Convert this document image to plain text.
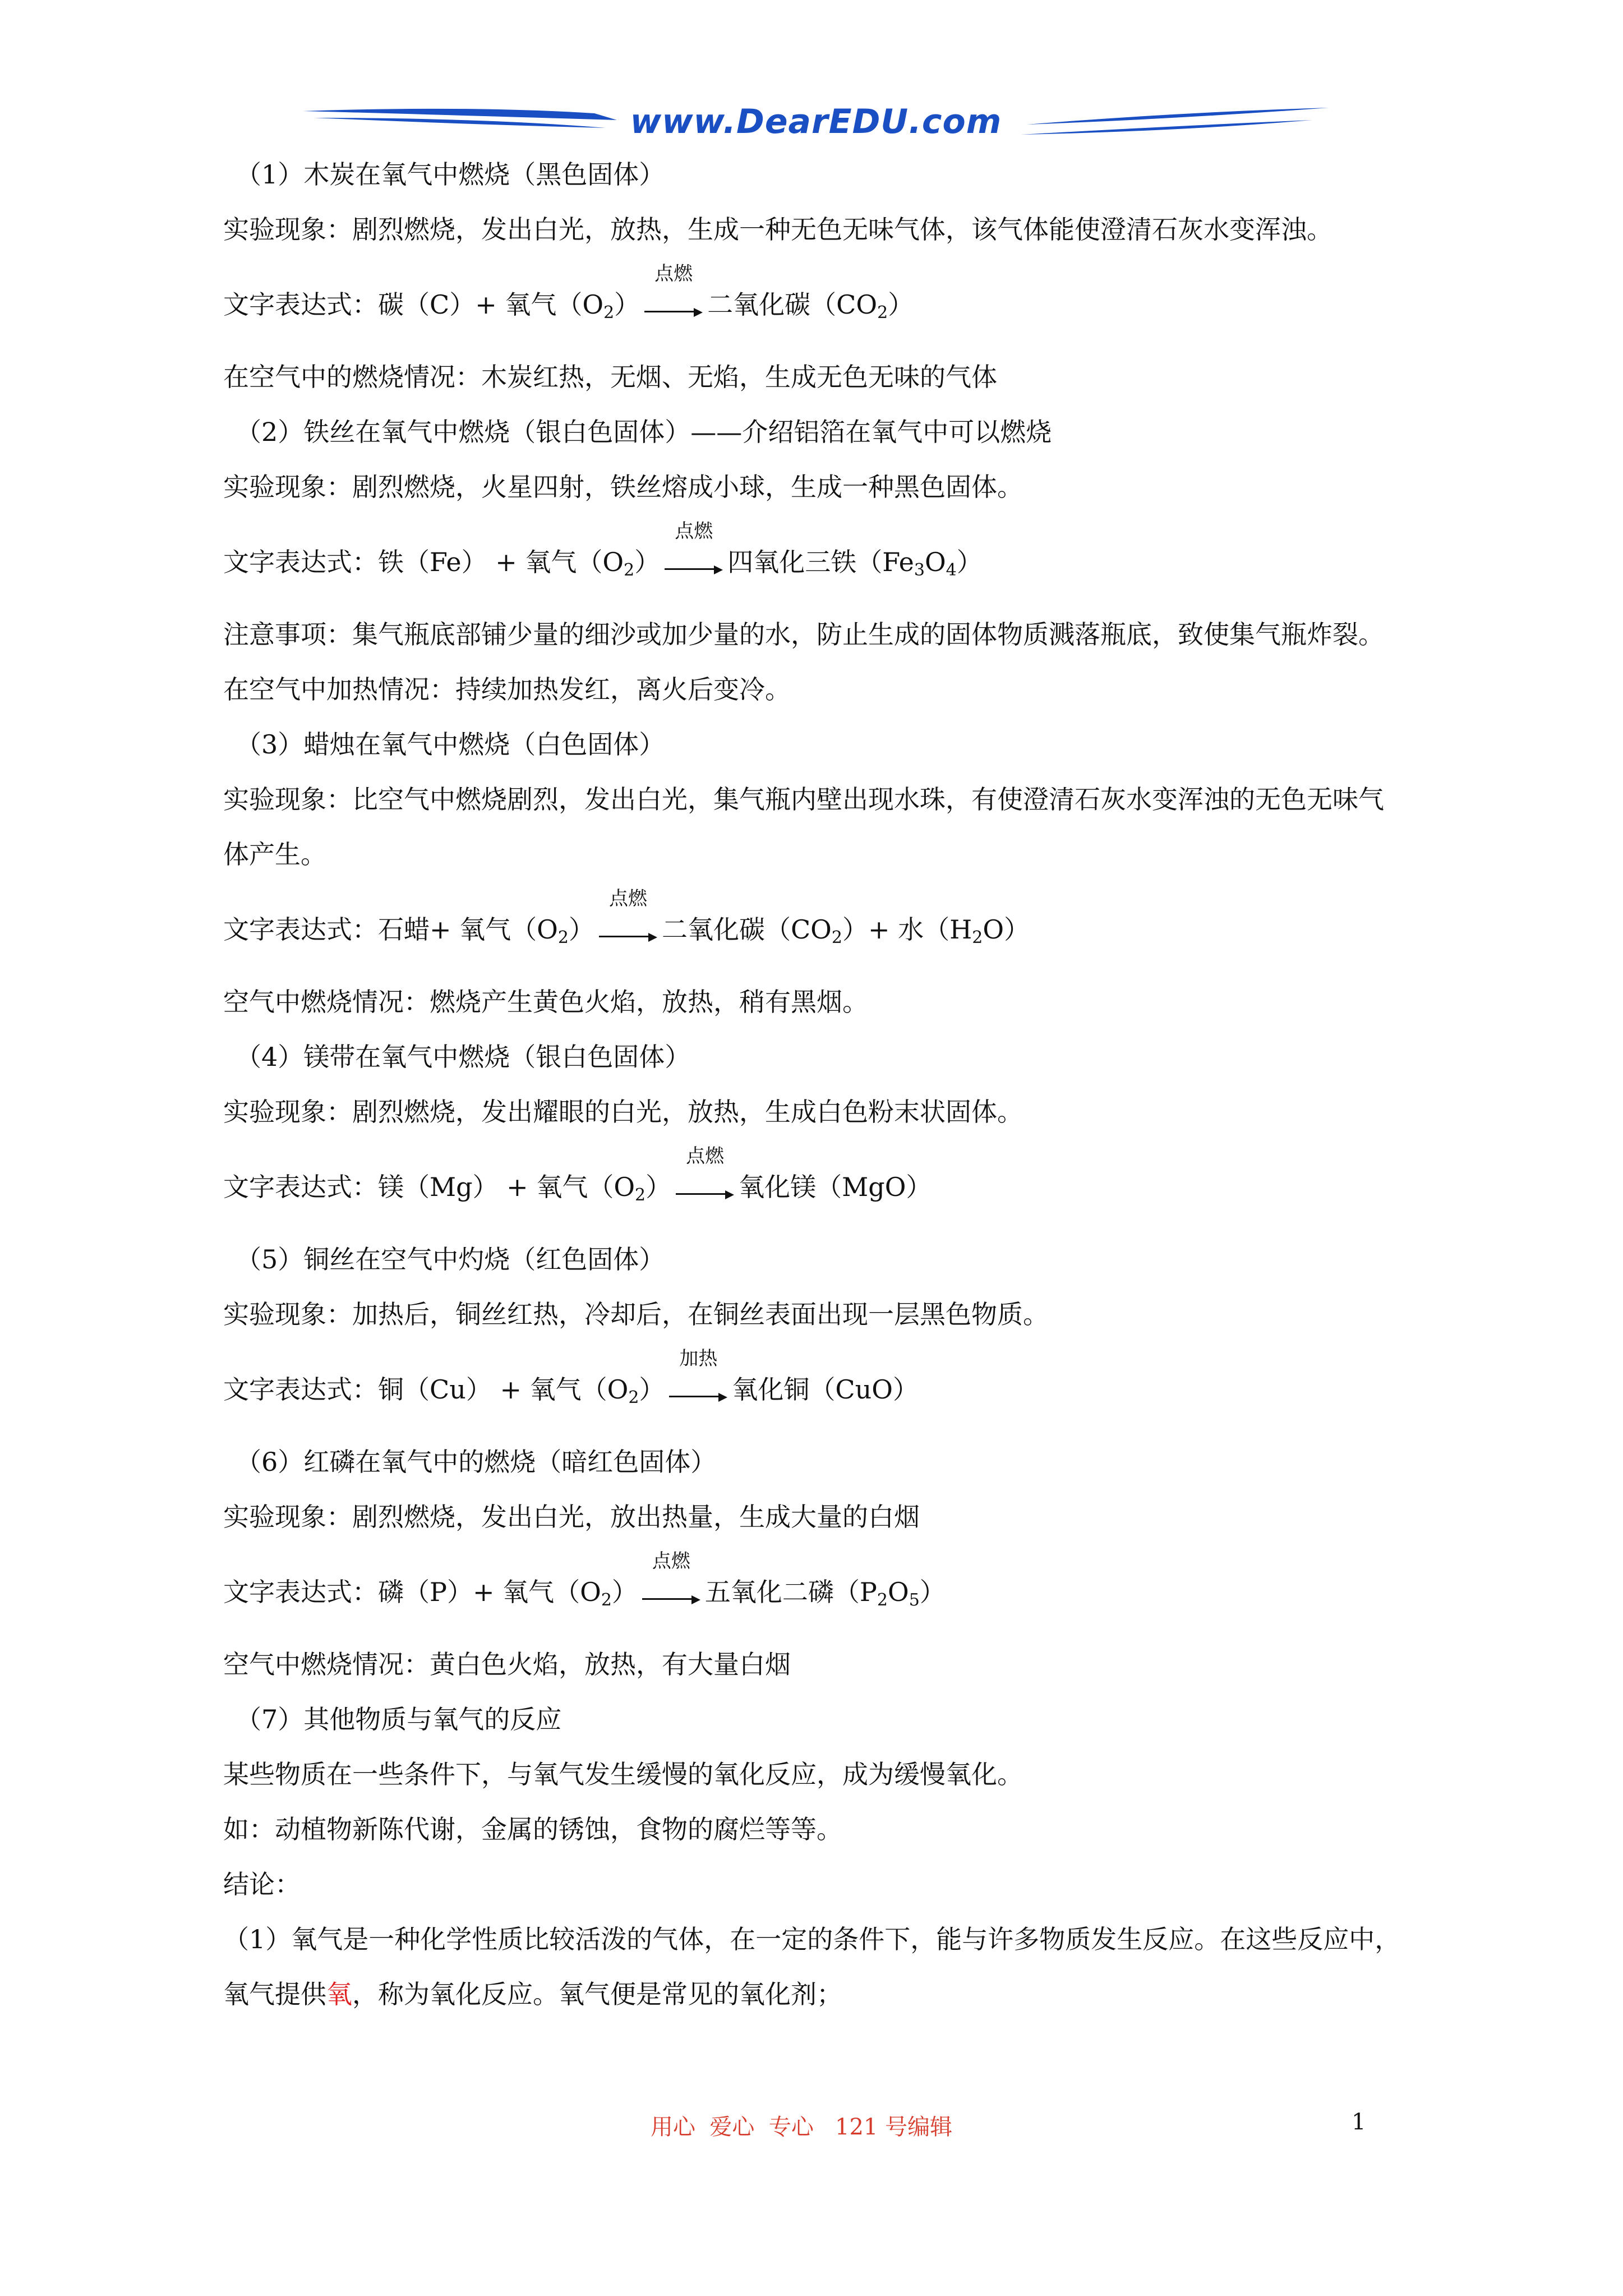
www.DearEDU.com

（1）木炭在氧气中燃烧（黑色固体）

实验现象：剧烈燃烧，发出白光，放热，生成一种无色无味气体，该气体能使澄清石灰水变浑浊。

文字表达式：碳（C）+ 氧气$(O_2)$
点燃
二氧化碳$(CO_2)$

在空气中的燃烧情况：木炭红热，无烟、无焰，生成无色无味的气体

（2）铁丝在氧气中燃烧（银白色固体）——介绍铝箔在氧气中可以燃烧

实验现象：剧烈燃烧，火星四射，铁丝熔成小球，生成一种黑色固体。

文字表达式：铁（Fe） + 氧气$(O_2)$
点燃
四氧化三铁$(Fe_3O_4)$

注意事项：集气瓶底部铺少量的细沙或加少量的水，防止生成的固体物质溅落瓶底，致使集气瓶炸裂。

在空气中加热情况：持续加热发红，离火后变冷。

（3）蜡烛在氧气中燃烧（白色固体）

实验现象：比空气中燃烧剧烈，发出白光，集气瓶内壁出现水珠，有使澄清石灰水变浑浊的无色无味气体产生。

文字表达式：石蜡+ 氧气$(O_2)$
点燃
二氧化碳$(CO_2)+$ 水$(H_2O)$

空气中燃烧情况：燃烧产生黄色火焰，放热，稍有黑烟。

（4）镁带在氧气中燃烧（银白色固体）

实验现象：剧烈燃烧，发出耀眼的白光，放热，生成白色粉末状固体。

文字表达式：镁（Mg） + 氧气$(O_2)$
点燃
氧化镁（MgO）

（5）铜丝在空气中灼烧（红色固体）

实验现象：加热后，铜丝红热，冷却后，在铜丝表面出现一层黑色物质。

文字表达式：铜（Cu） + 氧气$(O_2)$
加热
氧化铜（CuO）

（6）红磷在氧气中的燃烧（暗红色固体）

实验现象：剧烈燃烧，发出白光，放出热量，生成大量的白烟

文字表达式：磷（P）+ 氧气$(O_2)$
点燃
五氧化二磷$(P_2O_5)$

空气中燃烧情况：黄白色火焰，放热，有大量白烟

（7）其他物质与氧气的反应

某些物质在一些条件下，与氧气发生缓慢的氧化反应，成为缓慢氧化。

如：动植物新陈代谢，金属的锈蚀，食物的腐烂等等。

结论：

（1）氧气是一种化学性质比较活泼的气体，在一定的条件下，能与许多物质发生反应。在这些反应中，氧气提供氧，称为氧化反应。氧气便是常见的氧化剂；

用心  爱心  专心   121 号编辑	1
